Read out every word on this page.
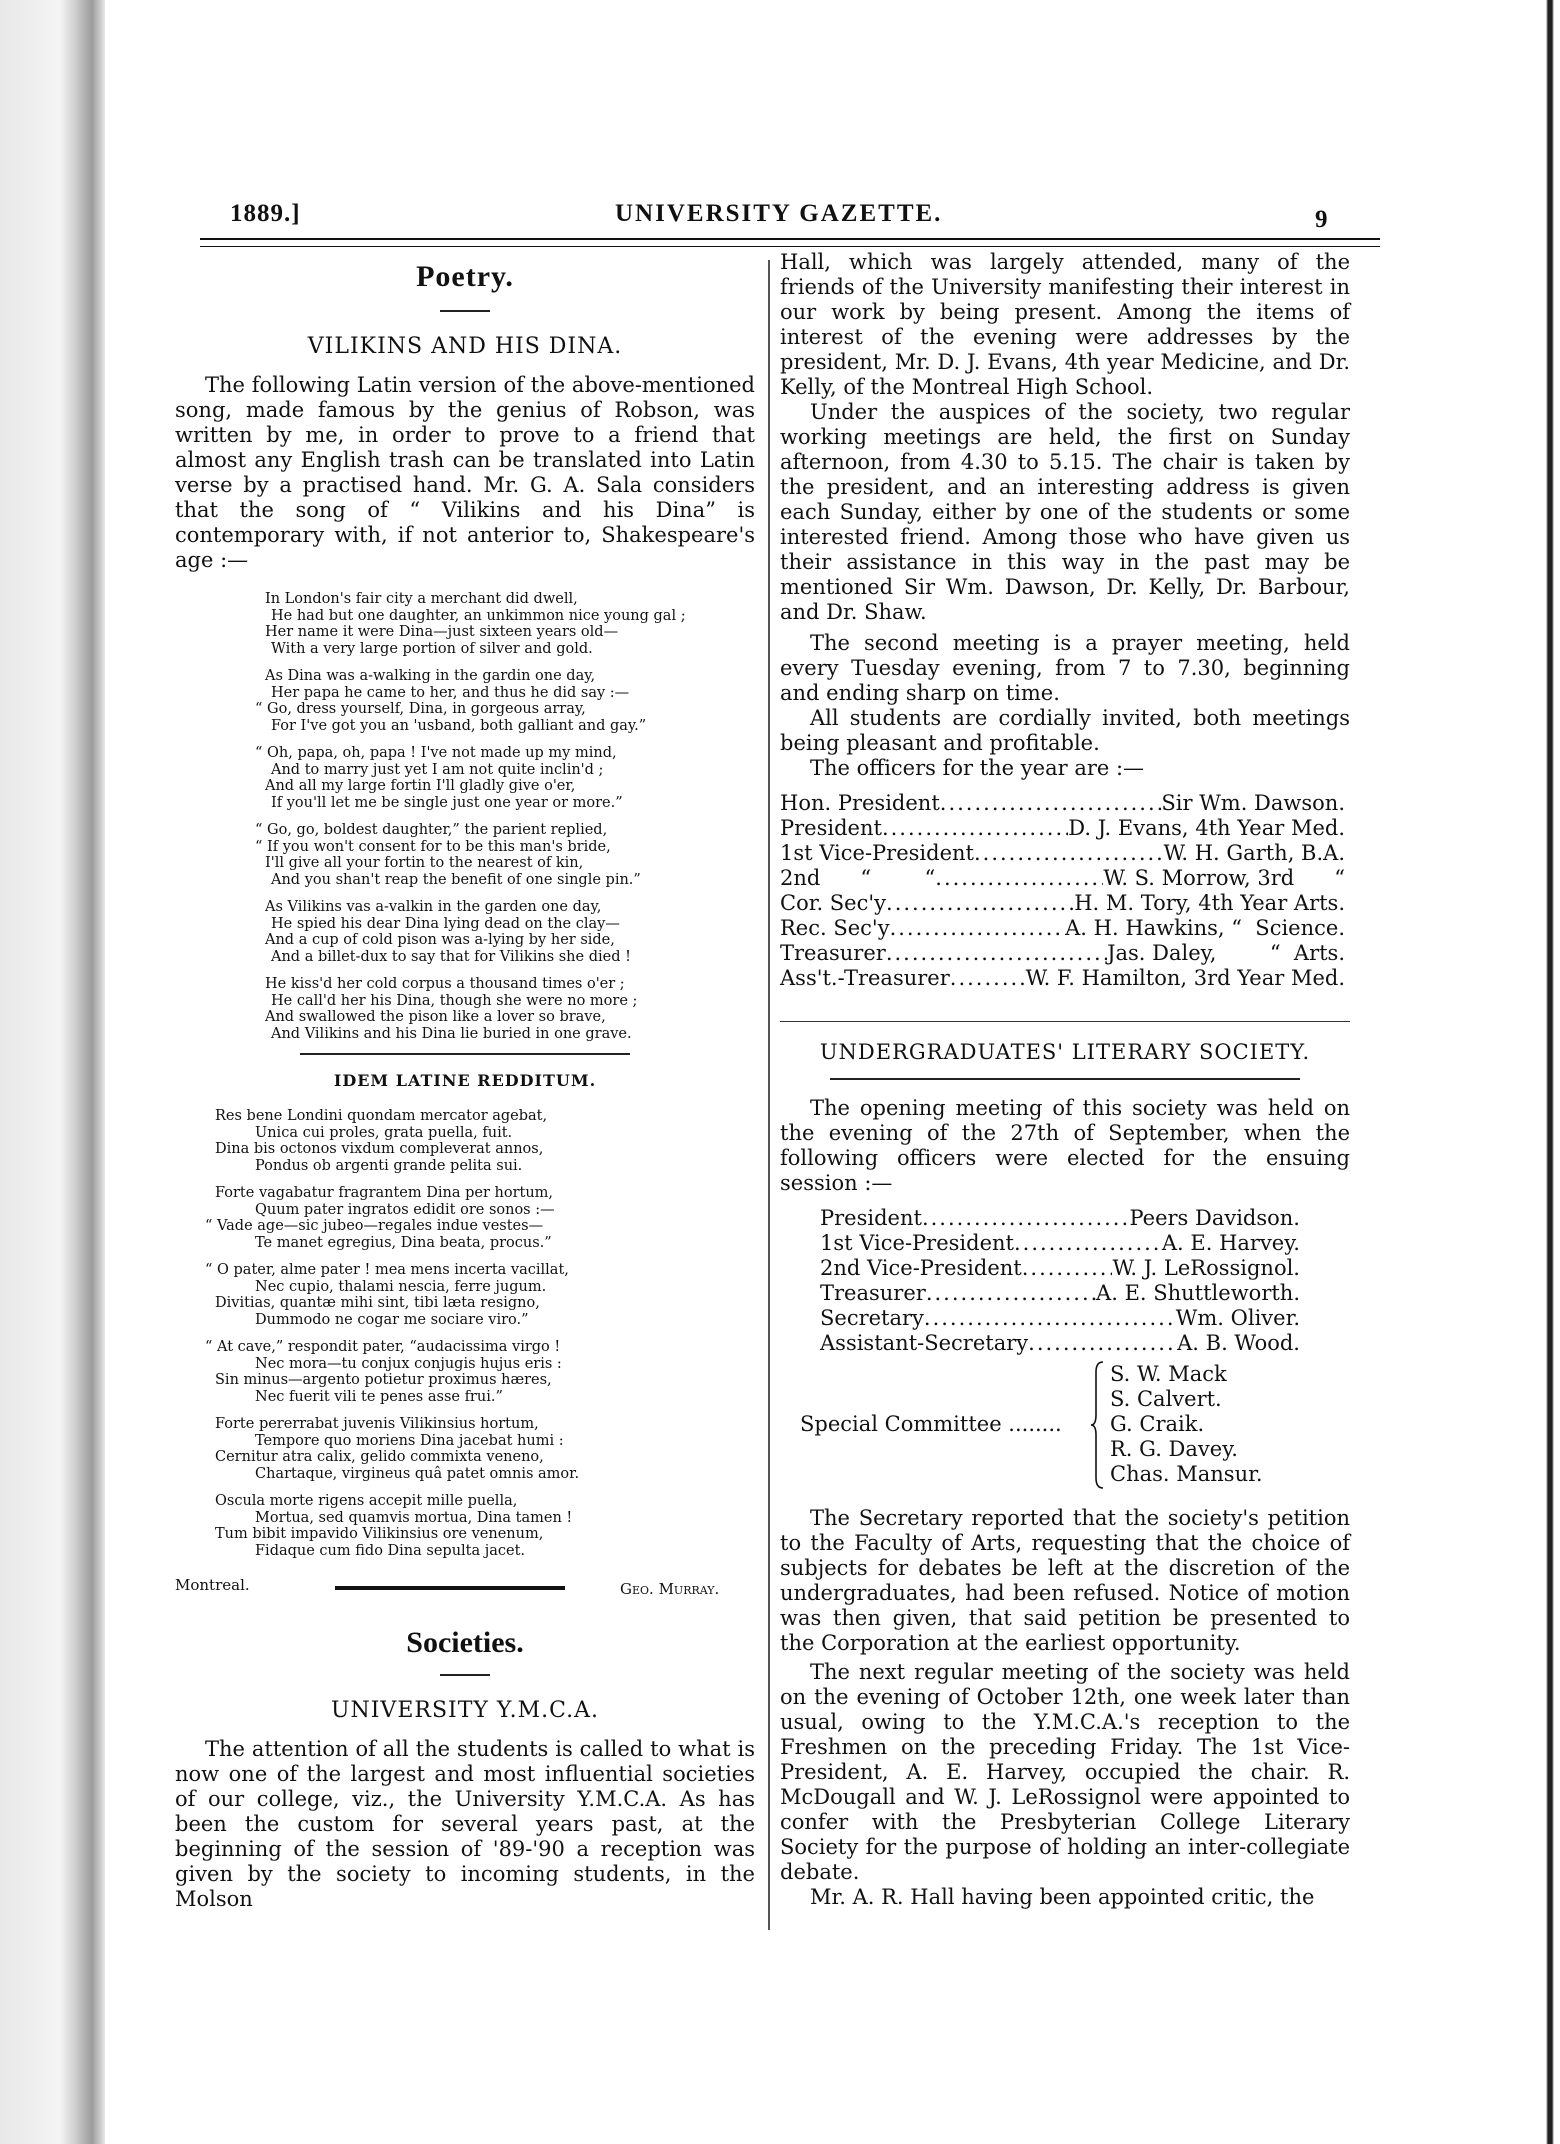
1889.]	UNIVERSITY GAZETTE.	9
Poetry.
VILIKINS AND HIS DINA.

The following Latin version of the above-mentioned song, made famous by the genius of Robson, was written by me, in order to prove to a friend that almost any English trash can be translated into Latin verse by a practised hand. Mr. G. A. Sala considers that the song of “ Vilikins and his Dina” is contemporary with, if not anterior to, Shakespeare's age :—

In London's fair city a merchant did dwell,
He had but one daughter, an unkimmon nice young gal ;
Her name it were Dina—just sixteen years old—
With a very large portion of silver and gold.
As Dina was a-walking in the gardin one day,
Her papa he came to her, and thus he did say :—
“ Go, dress yourself, Dina, in gorgeous array,
For I've got you an 'usband, both galliant and gay.”
“ Oh, papa, oh, papa ! I've not made up my mind,
And to marry just yet I am not quite inclin'd ;
And all my large fortin I'll gladly give o'er,
If you'll let me be single just one year or more.”
“ Go, go, boldest daughter,” the parient replied,
“ If you won't consent for to be this man's bride,
I'll give all your fortin to the nearest of kin,
And you shan't reap the benefit of one single pin.”
As Vilikins vas a-valkin in the garden one day,
He spied his dear Dina lying dead on the clay—
And a cup of cold pison was a-lying by her side,
And a billet-dux to say that for Vilikins she died !
He kiss'd her cold corpus a thousand times o'er ;
He call'd her his Dina, though she were no more ;
And swallowed the pison like a lover so brave,
And Vilikins and his Dina lie buried in one grave.
IDEM LATINE REDDITUM.
Res bene Londini quondam mercator agebat,
Unica cui proles, grata puella, fuit.
Dina bis octonos vixdum compleverat annos,
Pondus ob argenti grande pelita sui.
Forte vagabatur fragrantem Dina per hortum,
Quum pater ingratos edidit ore sonos :—
“ Vade age—sic jubeo—regales indue vestes—
Te manet egregius, Dina beata, procus.”
“ O pater, alme pater ! mea mens incerta vacillat,
Nec cupio, thalami nescia, ferre jugum.
Divitias, quantæ mihi sint, tibi læta resigno,
Dummodo ne cogar me sociare viro.”
“ At cave,” respondit pater, “audacissima virgo !
Nec mora—tu conjux conjugis hujus eris :
Sin minus—argento potietur proximus hæres,
Nec fuerit vili te penes asse frui.”
Forte pererrabat juvenis Vilikinsius hortum,
Tempore quo moriens Dina jacebat humi :
Cernitur atra calix, gelido commixta veneno,
Chartaque, virgineus quâ patet omnis amor.
Oscula morte rigens accepit mille puella,
Mortua, sed quamvis mortua, Dina tamen !
Tum bibit impavido Vilikinsius ore venenum,
Fidaque cum fido Dina sepulta jacet.
Montreal.	Geo. Murray.
Societies.
UNIVERSITY Y.M.C.A.

The attention of all the students is called to what is now one of the largest and most influential societies of our college, viz., the University Y.M.C.A. As has been the custom for several years past, at the beginning of the session of '89-'90 a reception was given by the society to incoming students, in the Molson

Hall, which was largely attended, many of the friends of the University manifesting their interest in our work by being present. Among the items of interest of the evening were addresses by the president, Mr. D. J. Evans, 4th year Medicine, and Dr. Kelly, of the Montreal High School.

Under the auspices of the society, two regular working meetings are held, the first on Sunday afternoon, from 4.30 to 5.15. The chair is taken by the president, and an interesting address is given each Sunday, either by one of the students or some interested friend. Among those who have given us their assistance in this way in the past may be mentioned Sir Wm. Dawson, Dr. Kelly, Dr. Barbour, and Dr. Shaw.

The second meeting is a prayer meeting, held every Tuesday evening, from 7 to 7.30, beginning and ending sharp on time.

All students are cordially invited, both meetings being pleasant and profitable.

The officers for the year are :—

Hon. President .....	Sir Wm. Dawson.
President .....	D. J. Evans, 4th Year Med.
1st Vice-President .....	W. H. Garth, B.A.
2nd      “        “ .....	W. S. Morrow, 3rd      “
Cor. Sec'y .....	H. M. Tory, 4th Year Arts.
Rec. Sec'y .....	A. H. Hawkins, “  Science.
Treasurer .....	Jas. Daley,        “  Arts.
Ass't.-Treasurer .....	W. F. Hamilton, 3rd Year Med.
UNDERGRADUATES' LITERARY SOCIETY.

The opening meeting of this society was held on the evening of the 27th of September, when the following officers were elected for the ensuing session :—

President .....	Peers Davidson.
1st Vice-President .....	A. E. Harvey.
2nd Vice-President .....	W. J. LeRossignol.
Treasurer .....	A. E. Shuttleworth.
Secretary .....	Wm. Oliver.
Assistant-Secretary .....	A. B. Wood.
Special Committee ........
S. W. Mack
S. Calvert.
G. Craik.
R. G. Davey.
Chas. Mansur.

The Secretary reported that the society's petition to the Faculty of Arts, requesting that the choice of subjects for debates be left at the discretion of the undergraduates, had been refused. Notice of motion was then given, that said petition be presented to the Corporation at the earliest opportunity.

The next regular meeting of the society was held on the evening of October 12th, one week later than usual, owing to the Y.M.C.A.'s reception to the Freshmen on the preceding Friday. The 1st Vice-President, A. E. Harvey, occupied the chair. R. McDougall and W. J. LeRossignol were appointed to confer with the Presbyterian College Literary Society for the purpose of holding an inter-collegiate debate.

Mr. A. R. Hall having been appointed critic, the
